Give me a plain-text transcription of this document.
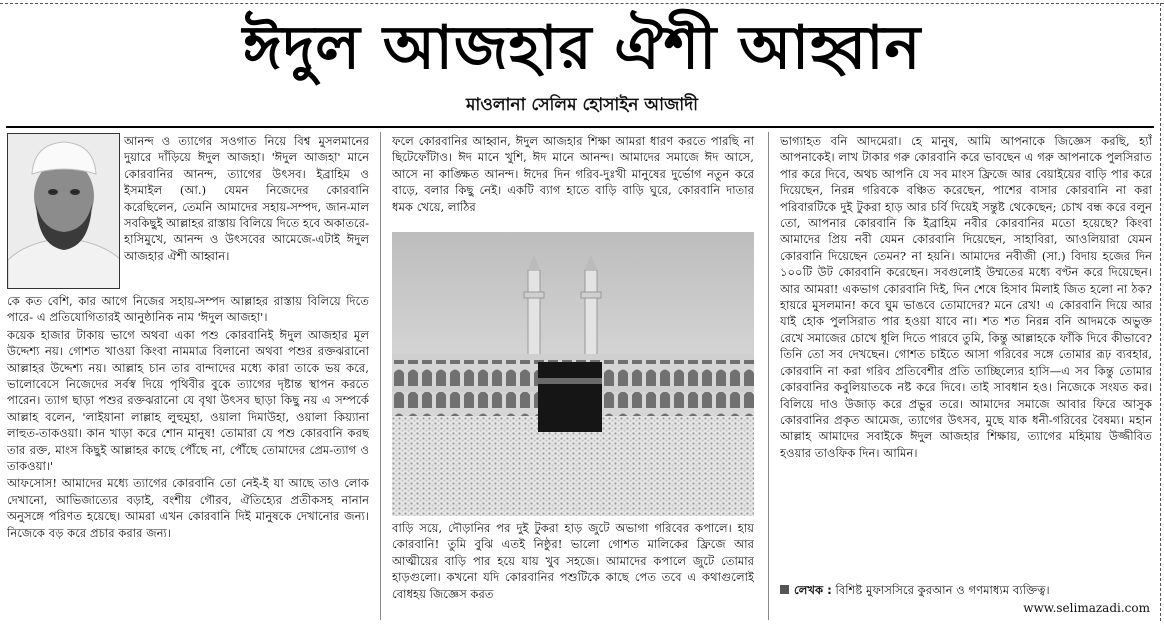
ঈদুল আজহার ঐশী আহ্বান
মাওলানা সেলিম হোসাইন আজাদী

আনন্দ ও ত্যাগের সওগাত নিয়ে বিশ্ব মুসলমানের দুয়ারে দাঁড়িয়ে ঈদুল আজহা। 'ঈদুল আজহা' মানে কোরবানির আনন্দ, ত্যাগের উৎসব। ইব্রাহিম ও ইসমাইল (আ.) যেমন নিজেদের কোরবানি করেছিলেন, তেমনি আমাদের সহায়-সম্পদ, জান-মাল সবকিছুই আল্লাহর রাস্তায় বিলিয়ে দিতে হবে অকাতরে-হাসিমুখে, আনন্দ ও উৎসবের আমেজে-এটাই ঈদুল আজহার ঐশী আহ্বান।

কে কত বেশি, কার আগে নিজের সহায়-সম্পদ আল্লাহর রাস্তায় বিলিয়ে দিতে পারে- এ প্রতিযোগিতারই আনুষ্ঠানিক নাম 'ঈদুল আজহা'।

কয়েক হাজার টাকায় ভাগে অথবা একা পশু কোরবানিই ঈদুল আজহার মূল উদ্দেশ্য নয়। গোশত খাওয়া কিংবা নামমাত্র বিলানো অথবা পশুর রক্তঝরানো আল্লাহর উদ্দেশ্য নয়। আল্লাহ চান তার বান্দাদের মধ্যে কারা তাকে ভয় করে, ভালোবেসে নিজেদের সর্বস্ব দিয়ে পৃথিবীর বুকে ত্যাগের দৃষ্টান্ত স্থাপন করতে পারেন। ত্যাগ ছাড়া পশুর রক্তঝরানো যে বৃথা উৎসব ছাড়া কিছু নয় এ সম্পর্কে আল্লাহ বলেন, 'লাইয়ানা লাল্লাহ লুহুমুহা, ওয়ালা দিমাউহা, ওয়ালা কিয়্যানা লাহুত-তাকওয়া। কান খাড়া করে শোন মানুষ! তোমারা যে পশু কোরবানি করছ তার রক্ত, মাংস কিছুই আল্লাহর কাছে পৌঁছে না, পৌঁছে তোমাদের প্রেম-ত্যাগ ও তাকওয়া।'

আফসোস! আমাদের মধ্যে ত্যাগের কোরবানি তো নেই-ই যা আছে তাও লোক দেখানো, আভিজাত্যের বড়াই, বংশীয় গৌরব, ঐতিহ্যের প্রতীকসহ নানান অনুসঙ্গে পরিণত হয়েছে। আমরা এখন কোরবানি দিই মানুষকে দেখানোর জন্য। নিজেকে বড় করে প্রচার করার জন্য।

ফলে কোরবানির আহ্বান, ঈদুল আজহার শিক্ষা আমরা ধারণ করতে পারছি না ছিটেফোঁটাও। ঈদ মানে খুশি, ঈদ মানে আনন্দ। আমাদের সমাজে ঈদ আসে, আসে না কাঙ্ক্ষিত আনন্দ। ঈদের দিন গরিব-দুঃখী মানুষের দুর্ভোগ নতুন করে বাড়ে, বলার কিছু নেই। একটি ব্যাগ হাতে বাড়ি বাড়ি ঘুরে, কোরবানি দাতার ধমক খেয়ে, লাঠির

বাড়ি সয়ে, দৌড়ানির পর দুই টুকরা হাড় জুটে অভাগা গরিবের কপালে। হায় কোরবানি! তুমি বুঝি এতই নিষ্ঠুর! ভালো গোশত মালিকের ফ্রিজে আর আত্মীয়ের বাড়ি পার হয়ে যায় খুব সহজে। আমাদের কপালে জুটে তোমার হাড়গুলো। কখনো যদি কোরবানির পশুটিকে কাছে পেত তবে এ কথাগুলোই বোধহয় জিজ্ঞেস করত

ভাগ্যাহত বনি আদমেরা। হে মানুষ, আমি আপনাকে জিজ্ঞেস করছি, হ্যাঁ আপনাকেই। লাখ টাকার গরু কোরবানি করে ভাবছেন এ গরু আপনাকে পুলসিরাত পার করে দিবে, অথচ আপনি যে সব মাংস ফ্রিজে আর বেয়াইয়ের বাড়ি পার করে দিয়েছেন, নিরন্ন গরিবকে বঞ্চিত করেছেন, পাশের বাসার কোরবানি না করা পরিবারটিকে দুই টুকরা হাড় আর চর্বি দিয়েই সন্তুষ্ট থেকেছেন; চোখ বন্ধ করে বলুন তো, আপনার কোরবানি কি ইব্রাহিম নবীর কোরবানির মতো হয়েছে? কিংবা আমাদের প্রিয় নবী যেমন কোরবানি দিয়েছেন, সাহাবিরা, আওলিয়ারা যেমন কোরবানি দিয়েছেন তেমন? না হয়নি। আমাদের নবীজী (সা.) বিদায় হজের দিন ১০০টি উট কোরবানি করেছেন। সবগুলোই উম্মতের মধ্যে বণ্টন করে দিয়েছেন। আর আমরা! একভাগ কোরবানি দিই, দিন শেষে হিসাব মিলাই জিত হলো না ঠক? হায়রে মুসলমান! কবে ঘুম ভাঙবে তোমাদের? মনে রেখ! এ কোরবানি দিয়ে আর যাই হোক পুলসিরাত পার হওয়া যাবে না। শত শত নিরন্ন বনি আদমকে অভুক্ত রেখে সমাজের চোখে ধূলি দিতে পারবে তুমি, কিন্তু আল্লাহকে ফাঁকি দিবে কীভাবে? তিনি তো সব দেখছেন। গোশত চাইতে আসা গরিবের সঙ্গে তোমার রূঢ় ব্যবহার, কোরবানি না করা গরিব প্রতিবেশীর প্রতি তাচ্ছিল্যের হাসি—এ সব কিন্তু তোমার কোরবানির কবুলিয়াতকে নষ্ট করে দিবে। তাই সাবধান হও। নিজেকে সংযত কর। বিলিয়ে দাও উজাড় করে প্রভুর তরে। আমাদের সমাজে আবার ফিরে আসুক কোরবানির প্রকৃত আমেজ, ত্যাগের উৎসব, মুছে যাক ধনী-গরিবের বৈষম্য। মহান আল্লাহ আমাদের সবাইকে ঈদুল আজহার শিক্ষায়, ত্যাগের মহিমায় উজ্জীবিত হওয়ার তাওফিক দিন। আমিন।

লেখক : বিশিষ্ট মুফাসসিরে কুরআন ও গণমাধ্যম ব্যক্তিত্ব।
www.selimazadi.com
